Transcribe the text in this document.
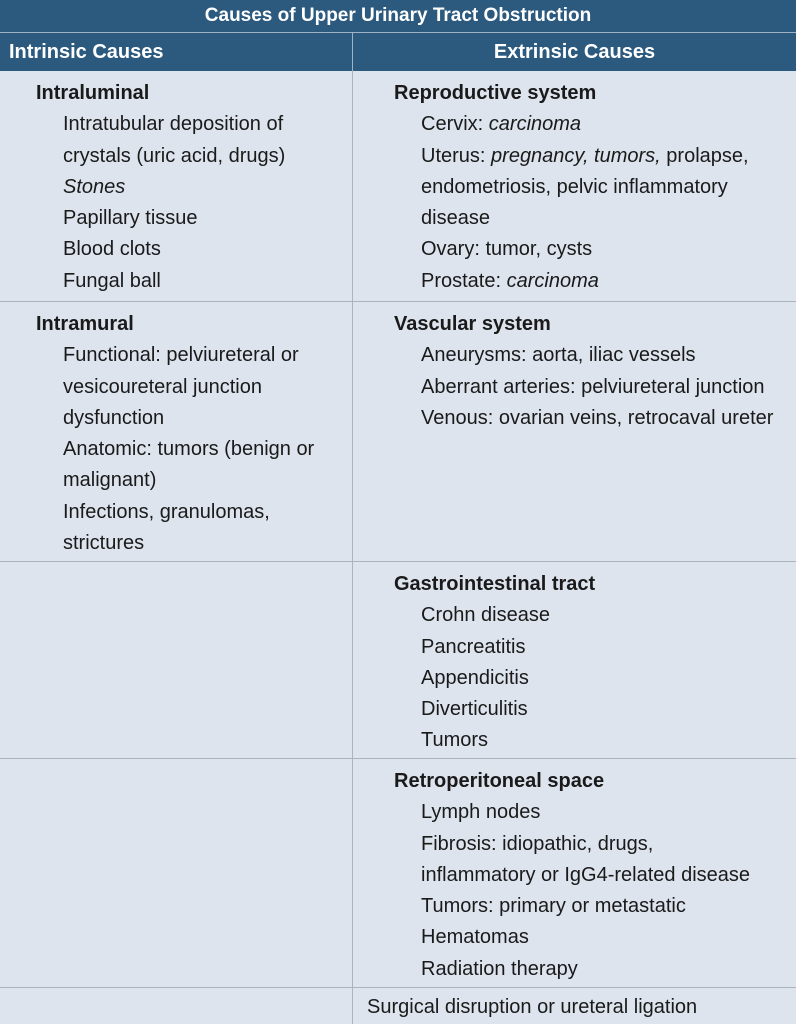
Causes of Upper Urinary Tract Obstruction
Intrinsic Causes	Extrinsic Causes
Intraluminal
Intratubular deposition of crystals (uric acid, drugs)
Stones
Papillary tissue
Blood clots
Fungal ball
Reproductive system
Cervix: carcinoma
Uterus: pregnancy, tumors, prolapse,
endometriosis, pelvic inflammatory
disease
Ovary: tumor, cysts
Prostate: carcinoma
Intramural
Functional: pelviureteral or vesicoureteral junction dysfunction
Anatomic: tumors (benign or malignant)
Infections, granulomas, strictures
Vascular system
Aneurysms: aorta, iliac vessels
Aberrant arteries: pelviureteral junction
Venous: ovarian veins, retrocaval ureter
Gastrointestinal tract
Crohn disease
Pancreatitis
Appendicitis
Diverticulitis
Tumors
Retroperitoneal space
Lymph nodes
Fibrosis: idiopathic, drugs,
inflammatory or IgG4-related disease
Tumors: primary or metastatic
Hematomas
Radiation therapy
Surgical disruption or ureteral ligation
